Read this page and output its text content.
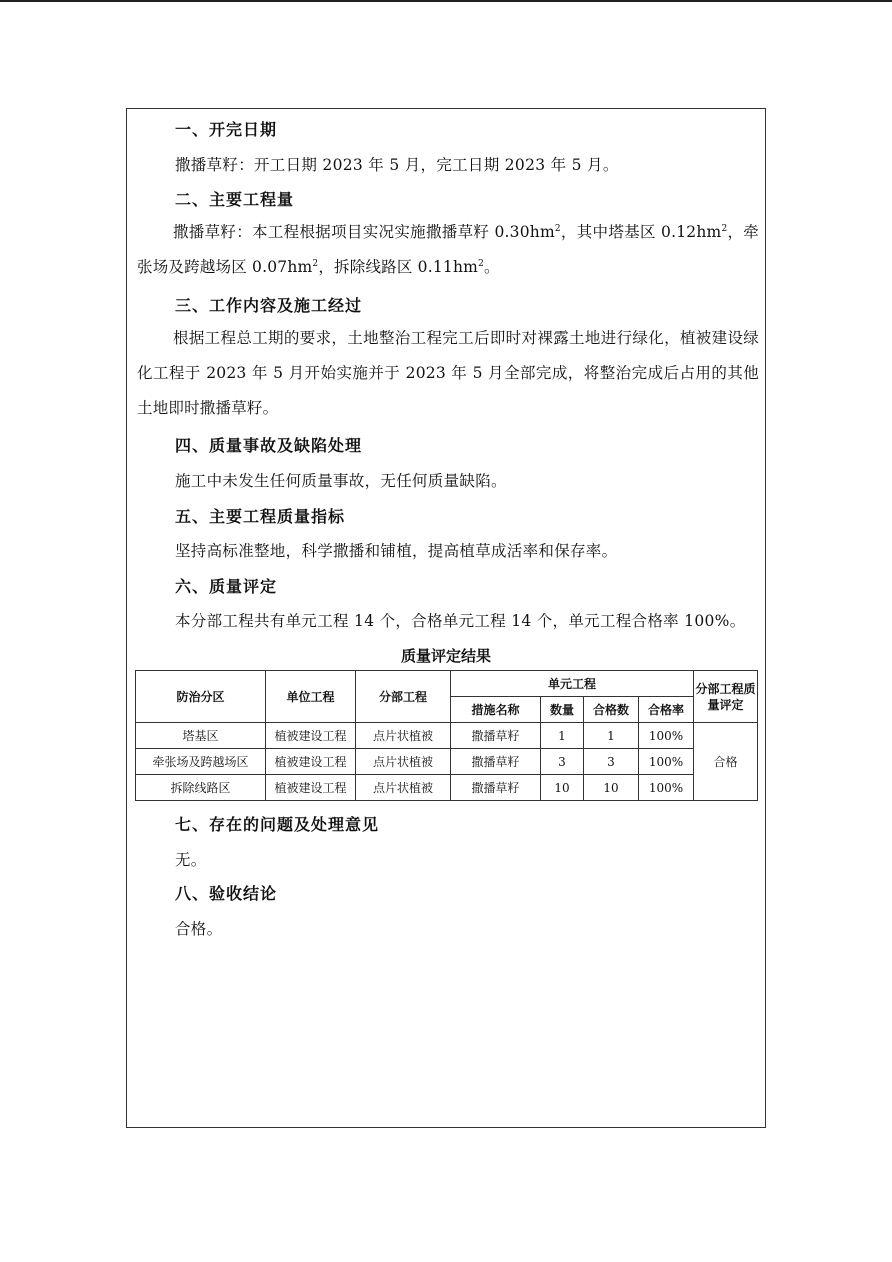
一、开完日期
撒播草籽：开工日期 2023 年 5 月，完工日期 2023 年 5 月。
二、主要工程量
撒播草籽：本工程根据项目实况实施撒播草籽 $0.30hm^2$，其中塔基区 $0.12hm^2$，牵张场及跨越场区 $0.07hm^2$，拆除线路区 $0.11hm^2$。
三、工作内容及施工经过
根据工程总工期的要求，土地整治工程完工后即时对裸露土地进行绿化，植被建设绿化工程于 2023 年 5 月开始实施并于 2023 年 5 月全部完成，将整治完成后占用的其他土地即时撒播草籽。
四、质量事故及缺陷处理
施工中未发生任何质量事故，无任何质量缺陷。
五、主要工程质量指标
坚持高标准整地，科学撒播和铺植，提高植草成活率和保存率。
六、质量评定
本分部工程共有单元工程 14 个，合格单元工程 14 个，单元工程合格率 100%。
质量评定结果
防治分区	单位工程	分部工程	单元工程				分部工程质量评定
			措施名称	数量	合格数	合格率	
塔基区	植被建设工程	点片状植被	撒播草籽	1	1	100%	合格
牵张场及跨越场区	植被建设工程	点片状植被	撒播草籽	3	3	100%	
拆除线路区	植被建设工程	点片状植被	撒播草籽	10	10	100%	
七、存在的问题及处理意见
无。
八、验收结论
合格。
